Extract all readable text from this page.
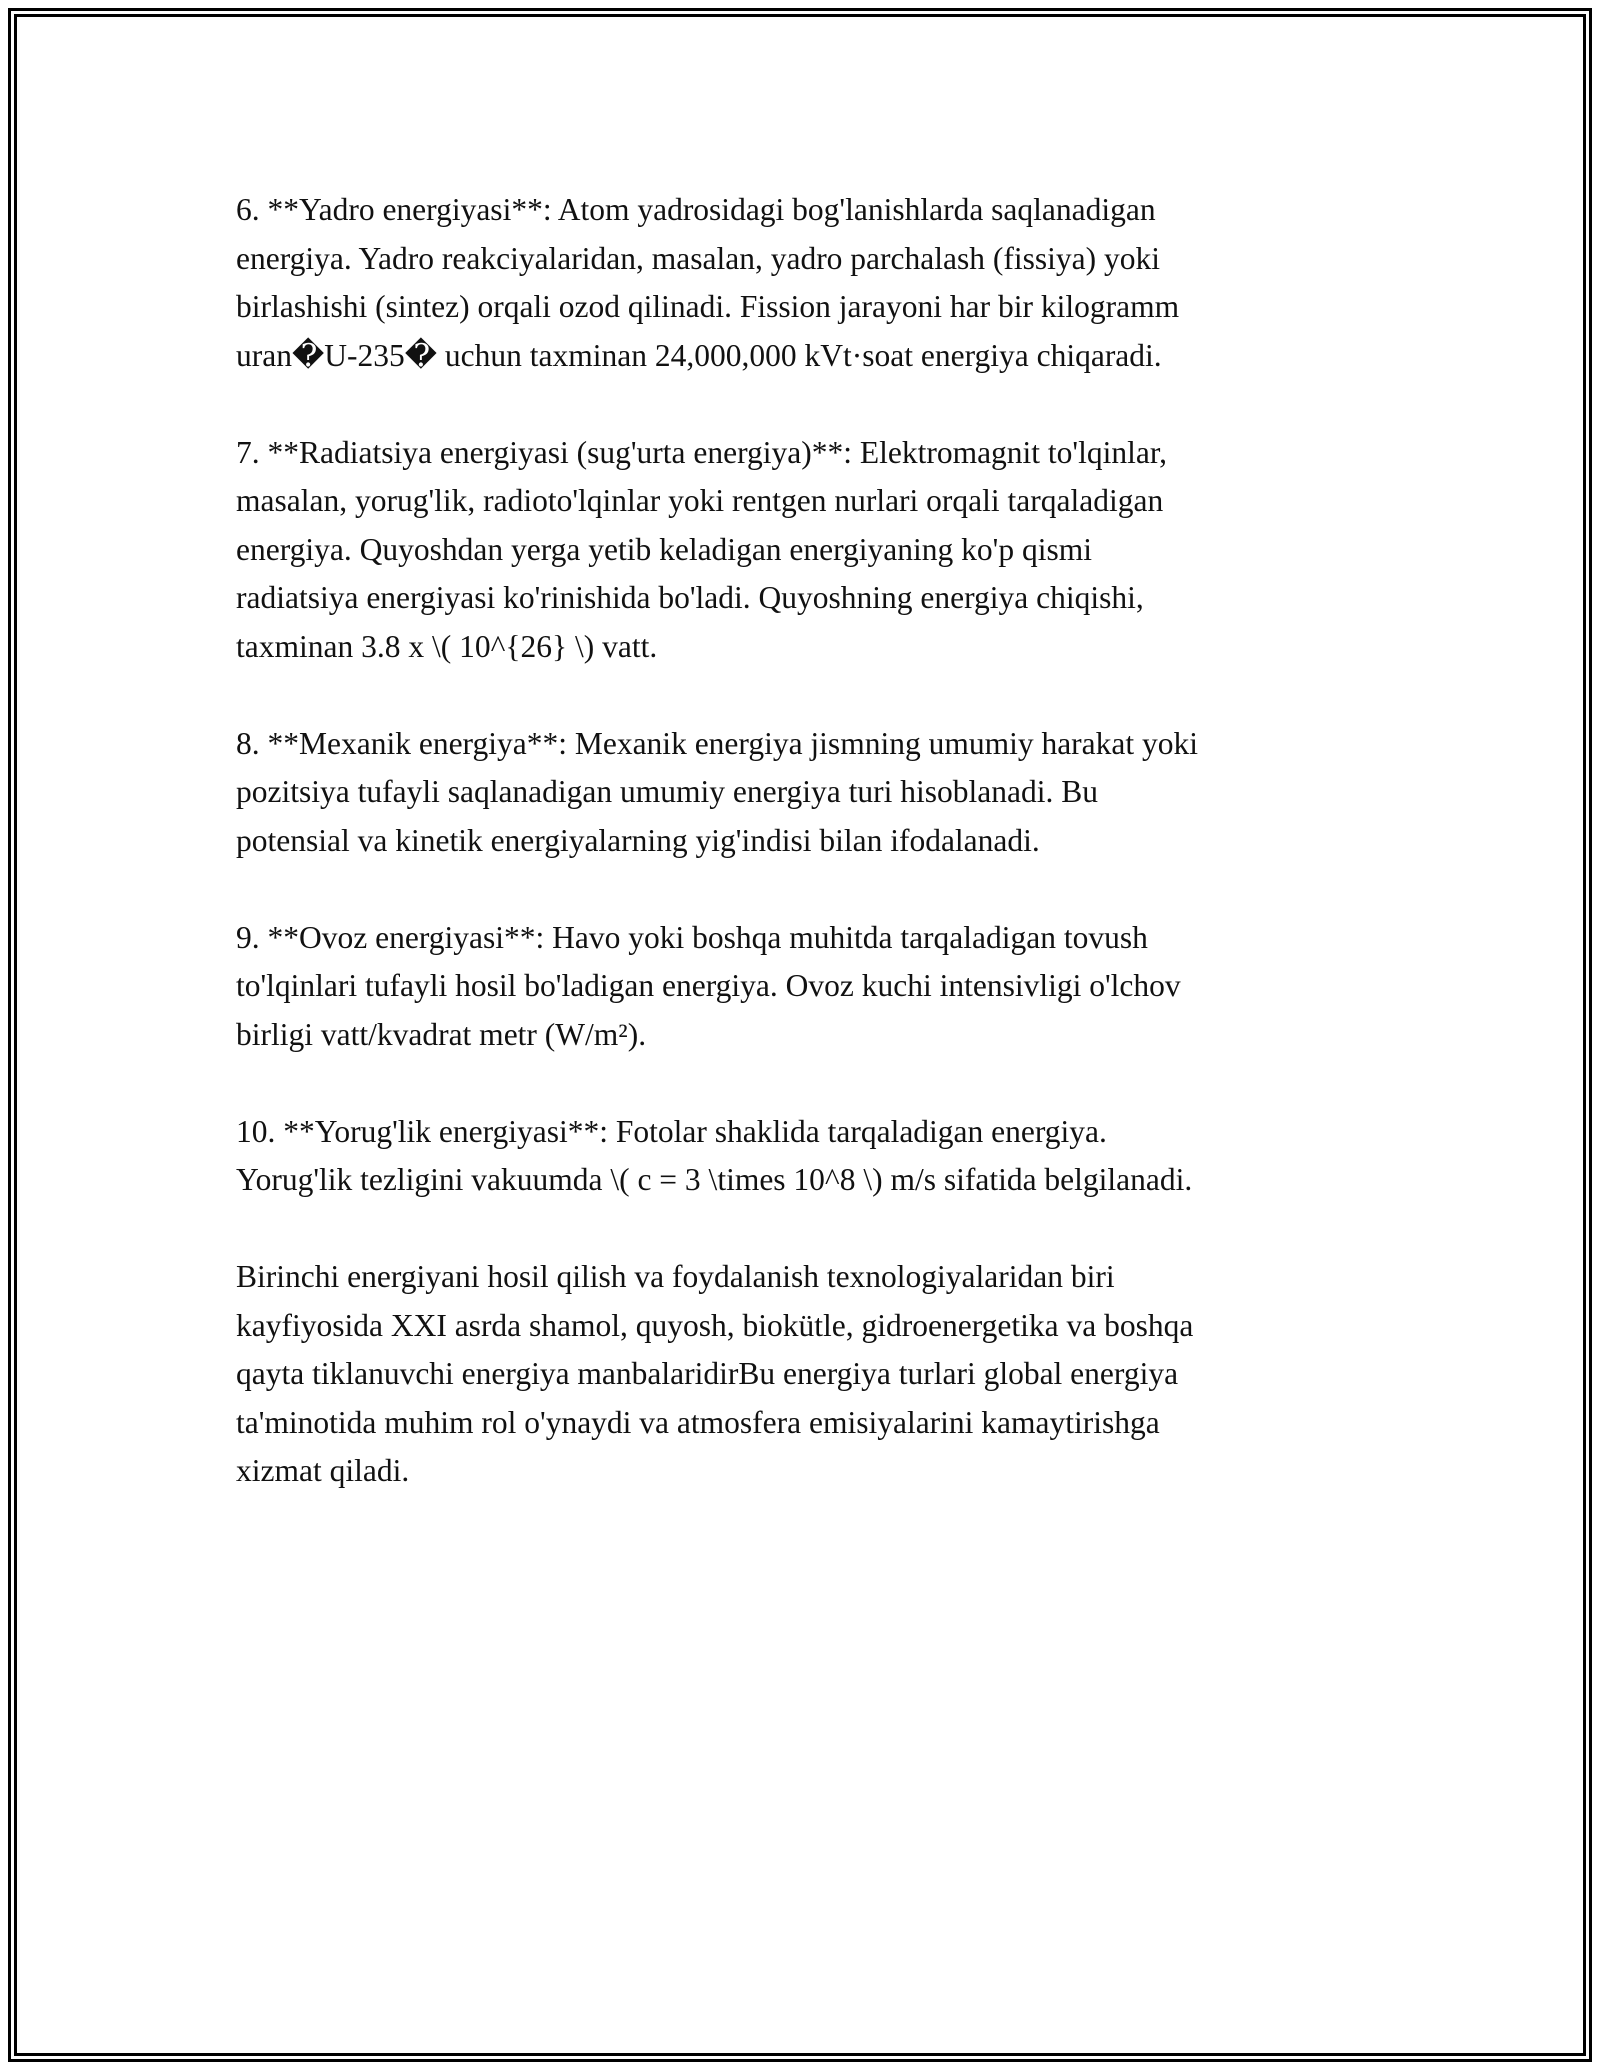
6. **Yadro energiyasi**: Atom yadrosidagi bog'lanishlarda saqlanadigan
energiya. Yadro reakciyalaridan, masalan, yadro parchalash (fissiya) yoki
birlashishi (sintez) orqali ozod qilinadi. Fission jarayoni har bir kilogramm
uran�U-235� uchun taxminan 24,000,000 kVt·soat energiya chiqaradi.

7. **Radiatsiya energiyasi (sug'urta energiya)**: Elektromagnit to'lqinlar,
masalan, yorug'lik, radioto'lqinlar yoki rentgen nurlari orqali tarqaladigan
energiya. Quyoshdan yerga yetib keladigan energiyaning ko'p qismi
radiatsiya energiyasi ko'rinishida bo'ladi. Quyoshning energiya chiqishi,
taxminan 3.8 x \( 10^{26} \) vatt.

8. **Mexanik energiya**: Mexanik energiya jismning umumiy harakat yoki
pozitsiya tufayli saqlanadigan umumiy energiya turi hisoblanadi. Bu
potensial va kinetik energiyalarning yig'indisi bilan ifodalanadi.

9. **Ovoz energiyasi**: Havo yoki boshqa muhitda tarqaladigan tovush
to'lqinlari tufayli hosil bo'ladigan energiya. Ovoz kuchi intensivligi o'lchov
birligi vatt/kvadrat metr (W/m²).

10. **Yorug'lik energiyasi**: Fotolar shaklida tarqaladigan energiya.
Yorug'lik tezligini vakuumda \( c = 3 \times 10^8 \) m/s sifatida belgilanadi.

Birinchi energiyani hosil qilish va foydalanish texnologiyalaridan biri
kayfiyosida XXI asrda shamol, quyosh, biokütle, gidroenergetika va boshqa
qayta tiklanuvchi energiya manbalaridirBu energiya turlari global energiya
ta'minotida muhim rol o'ynaydi va atmosfera emisiyalarini kamaytirishga
xizmat qiladi.
